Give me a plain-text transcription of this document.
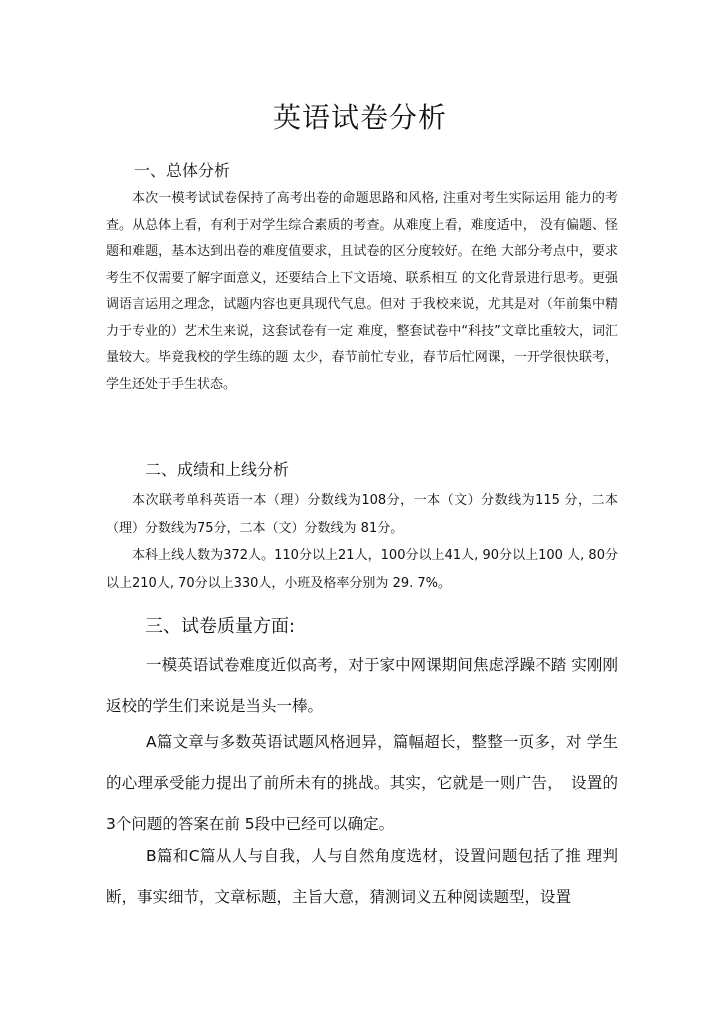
英语试卷分析
一、总体分析

本次一模考试试卷保持了高考出卷的命题思路和风格, 注重对考生实际运用 能力的考查。从总体上看，有利于对学生综合素质的考查。从难度上看，难度适中， 没有偏题、怪题和难题，基本达到出卷的难度值要求，且试卷的区分度较好。在绝 大部分考点中，要求考生不仅需要了解字面意义，还要结合上下文语境、联系相互 的文化背景进行思考。更强调语言运用之理念，试题内容也更具现代气息。但对 于我校来说，尤其是对（年前集中精力于专业的）艺术生来说，这套试卷有一定 难度，整套试卷中“科技”文章比重较大，词汇量较大。毕竟我校的学生练的题 太少，春节前忙专业，春节后忙网课，一开学很快联考，学生还处于手生状态。

二、成绩和上线分析

本次联考单科英语一本（理）分数线为108分，一本（文）分数线为115 分，二本（理）分数线为75分，二本（文）分数线为 81分。

本科上线人数为372人。110分以上21人，100分以上41人, 90分以上100 人, 80分以上210人, 70分以上330人，小班及格率分别为 29. 7%。

三、试卷质量方面:

一模英语试卷难度近似高考，对于家中网课期间焦虑浮躁不踏 实刚刚返校的学生们来说是当头一棒。

A篇文章与多数英语试题风格迥异，篇幅超长，整整一页多，对 学生的心理承受能力提出了前所未有的挑战。其实，它就是一则广告，　设置的3个问题的答案在前 5段中已经可以确定。

B篇和C篇从人与自我，人与自然角度选材，设置问题包括了推 理判断，事实细节，文章标题，主旨大意，猜测词义五种阅读题型，设置
